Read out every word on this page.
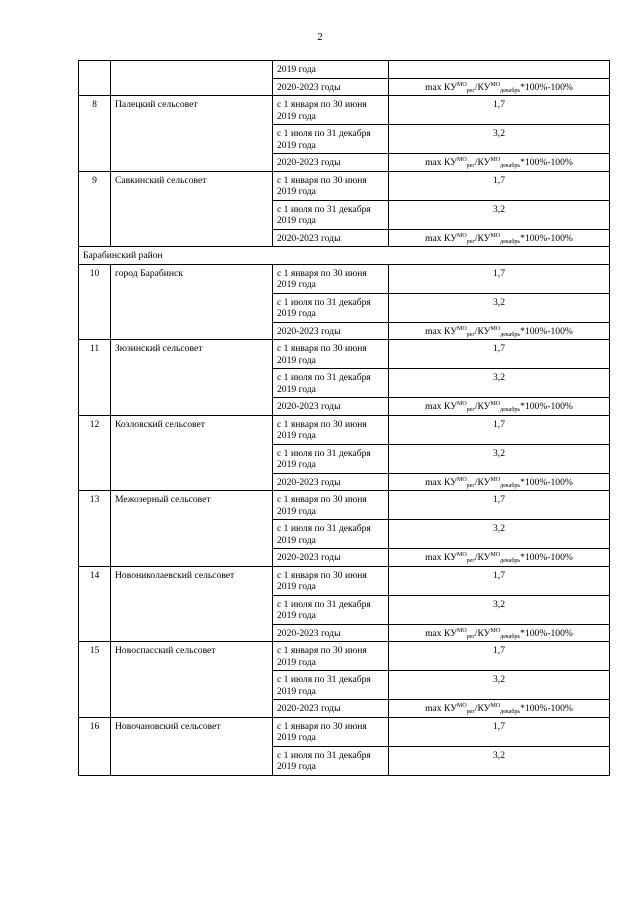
2
		2019 года	
		2020-2023 годы	$\max КУ^{МО}_{рег}/КУ^{МО}_{декабрь}*100\%-100\%$
8	Палецкий сельсовет	с 1 января по 30 июня 2019 года	1,7
		с 1 июля по 31 декабря 2019 года	3,2
		2020-2023 годы	$\max КУ^{МО}_{рег}/КУ^{МО}_{декабрь}*100\%-100\%$
9	Савкинский сельсовет	с 1 января по 30 июня 2019 года	1,7
		с 1 июля по 31 декабря 2019 года	3,2
		2020-2023 годы	$\max КУ^{МО}_{рег}/КУ^{МО}_{декабрь}*100\%-100\%$
Барабинский район			
10	город Барабинск	с 1 января по 30 июня 2019 года	1,7
		с 1 июля по 31 декабря 2019 года	3,2
		2020-2023 годы	$\max КУ^{МО}_{рег}/КУ^{МО}_{декабрь}*100\%-100\%$
11	Зюзинский сельсовет	с 1 января по 30 июня 2019 года	1,7
		с 1 июля по 31 декабря 2019 года	3,2
		2020-2023 годы	$\max КУ^{МО}_{рег}/КУ^{МО}_{декабрь}*100\%-100\%$
12	Козловский сельсовет	с 1 января по 30 июня 2019 года	1,7
		с 1 июля по 31 декабря 2019 года	3,2
		2020-2023 годы	$\max КУ^{МО}_{рег}/КУ^{МО}_{декабрь}*100\%-100\%$
13	Межозерный сельсовет	с 1 января по 30 июня 2019 года	1,7
		с 1 июля по 31 декабря 2019 года	3,2
		2020-2023 годы	$\max КУ^{МО}_{рег}/КУ^{МО}_{декабрь}*100\%-100\%$
14	Новониколаевский сельсовет	с 1 января по 30 июня 2019 года	1,7
		с 1 июля по 31 декабря 2019 года	3,2
		2020-2023 годы	$\max КУ^{МО}_{рег}/КУ^{МО}_{декабрь}*100\%-100\%$
15	Новоспасский сельсовет	с 1 января по 30 июня 2019 года	1,7
		с 1 июля по 31 декабря 2019 года	3,2
		2020-2023 годы	$\max КУ^{МО}_{рег}/КУ^{МО}_{декабрь}*100\%-100\%$
16	Новочановский сельсовет	с 1 января по 30 июня 2019 года	1,7
		с 1 июля по 31 декабря 2019 года	3,2
